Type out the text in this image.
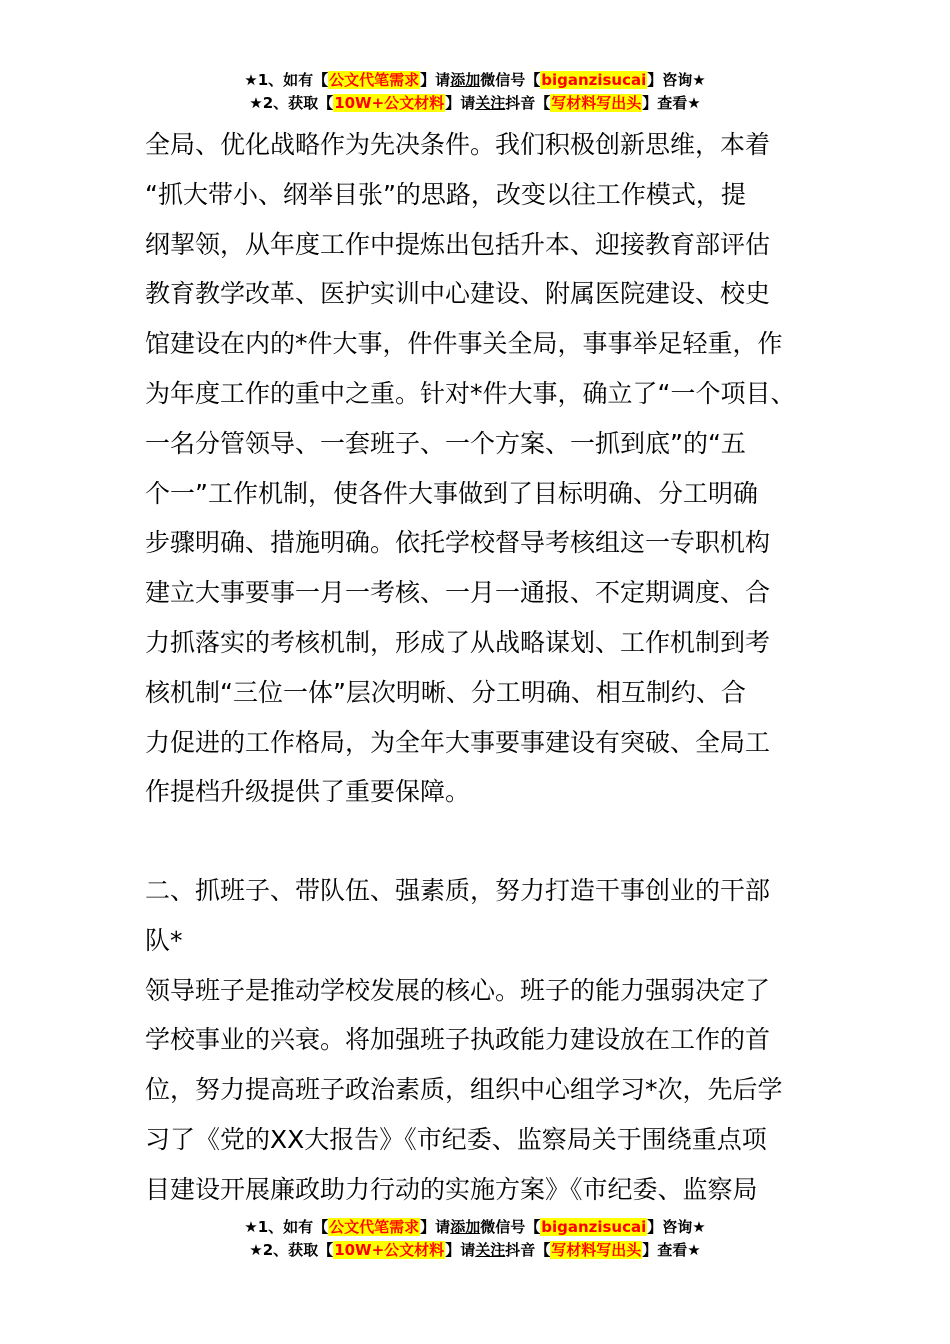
★1、如有【公文代笔需求】请添加微信号【biganzisucai】咨询★
★2、获取【10W+公文材料】请关注抖音【写材料写出头】查看★
全局、优化战略作为先决条件。我们积极创新思维，本着
“抓大带小、纲举目张”的思路，改变以往工作模式，提
纲挈领，从年度工作中提炼出包括升本、迎接教育部评估
教育教学改革、医护实训中心建设、附属医院建设、校史
馆建设在内的*件大事，件件事关全局，事事举足轻重，作
为年度工作的重中之重。针对*件大事，确立了“一个项目、
一名分管领导、一套班子、一个方案、一抓到底”的“五
个一”工作机制，使各件大事做到了目标明确、分工明确
步骤明确、措施明确。依托学校督导考核组这一专职机构
建立大事要事一月一考核、一月一通报、不定期调度、合
力抓落实的考核机制，形成了从战略谋划、工作机制到考
核机制“三位一体”层次明晰、分工明确、相互制约、合
力促进的工作格局，为全年大事要事建设有突破、全局工
作提档升级提供了重要保障。
二、抓班子、带队伍、强素质，努力打造干事创业的干部
队*
领导班子是推动学校发展的核心。班子的能力强弱决定了
学校事业的兴衰。将加强班子执政能力建设放在工作的首
位，努力提高班子政治素质，组织中心组学习*次，先后学
习了《党的XX大报告》《市纪委、监察局关于围绕重点项
目建设开展廉政助力行动的实施方案》《市纪委、监察局
★1、如有【公文代笔需求】请添加微信号【biganzisucai】咨询★
★2、获取【10W+公文材料】请关注抖音【写材料写出头】查看★
